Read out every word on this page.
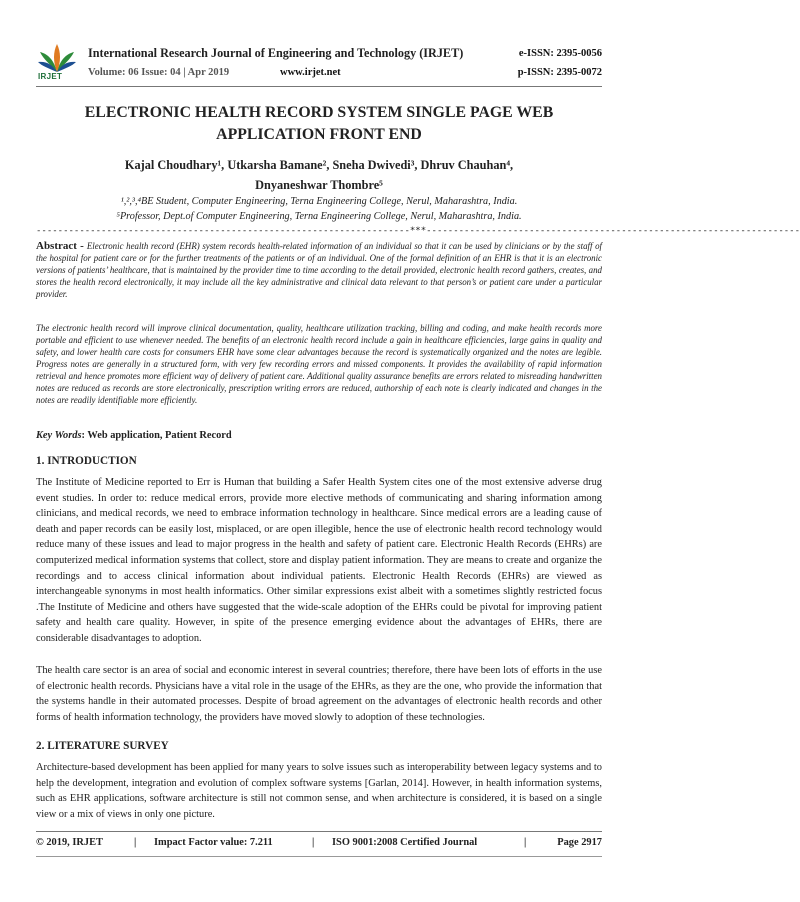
IRJET
International Research Journal of Engineering and Technology (IRJET)	e-ISSN: 2395-0056
Volume: 06 Issue: 04 | Apr 2019	www.irjet.net	p-ISSN: 2395-0072
ELECTRONIC HEALTH RECORD SYSTEM SINGLE PAGE WEB APPLICATION FRONT END
Kajal Choudhary¹, Utkarsha Bamane², Sneha Dwivedi³, Dhruv Chauhan⁴,
Dnyaneshwar Thombre⁵
¹,²,³,⁴BE Student, Computer Engineering, Terna Engineering College, Nerul, Maharashtra, India.
⁵Professor, Dept.of Computer Engineering, Terna Engineering College, Nerul, Maharashtra, India.
---------------------------------------------------------------------***---------------------------------------------------------------------
Abstract - Electronic health record (EHR) system records health-related information of an individual so that it can be used by clinicians or by the staff of the hospital for patient care or for the further treatments of the patients or of an individual. One of the formal definition of an EHR is that it is an electronic versions of patients’ healthcare, that is maintained by the provider time to time according to the detail provided, electronic health record gathers, creates, and stores the health record electronically, it may include all the key administrative and clinical data relevant to that person’s or patient care under a particular provider.
The electronic health record will improve clinical documentation, quality, healthcare utilization tracking, billing and coding, and make health records more portable and efficient to use whenever needed. The benefits of an electronic health record include a gain in healthcare efficiencies, large gains in quality and safety, and lower health care costs for consumers EHR have some clear advantages because the record is systematically organized and the notes are legible. Progress notes are generally in a structured form, with very few recording errors and missed components. It provides the availability of rapid information retrieval and hence promotes more efficient way of delivery of patient care. Additional quality assurance benefits are errors related to misreading handwritten notes are reduced as records are store electronically, prescription writing errors are reduced, authorship of each note is clearly indicated and changes in the notes are readily identifiable more efficiently.
Key Words: Web application, Patient Record
1. INTRODUCTION
The Institute of Medicine reported to Err is Human that building a Safer Health System cites one of the most extensive adverse drug event studies. In order to: reduce medical errors, provide more elective methods of communicating and sharing information among clinicians, and medical records, we need to embrace information technology in healthcare. Since medical errors are a leading cause of death and paper records can be easily lost, misplaced, or are open illegible, hence the use of electronic health record technology would reduce many of these issues and lead to major progress in the health and safety of patient care. Electronic Health Records (EHRs) are computerized medical information systems that collect, store and display patient information. They are means to create and organize the recordings and to access clinical information about individual patients. Electronic Health Records (EHRs) are viewed as interchangeable synonyms in most health informatics. Other similar expressions exist albeit with a sometimes slightly restricted focus .The Institute of Medicine and others have suggested that the wide-scale adoption of the EHRs could be pivotal for improving patient safety and health care quality. However, in spite of the presence emerging evidence about the advantages of EHRs, there are considerable disadvantages to adoption.
The health care sector is an area of social and economic interest in several countries; therefore, there have been lots of efforts in the use of electronic health records. Physicians have a vital role in the usage of the EHRs, as they are the one, who provide the information that the systems handle in their automated processes. Despite of broad agreement on the advantages of electronic health records and other forms of health information technology, the providers have moved slowly to adoption of these technologies.
2. LITERATURE SURVEY
Architecture-based development has been applied for many years to solve issues such as interoperability between legacy systems and to help the development, integration and evolution of complex software systems [Garlan, 2014]. However, in health information systems, such as EHR applications, software architecture is still not common sense, and when architecture is considered, it is based on a single view or a mix of views in only one picture.
© 2019, IRJET	| Impact Factor value: 7.211	| ISO 9001:2008 Certified Journal	|	Page 2917
